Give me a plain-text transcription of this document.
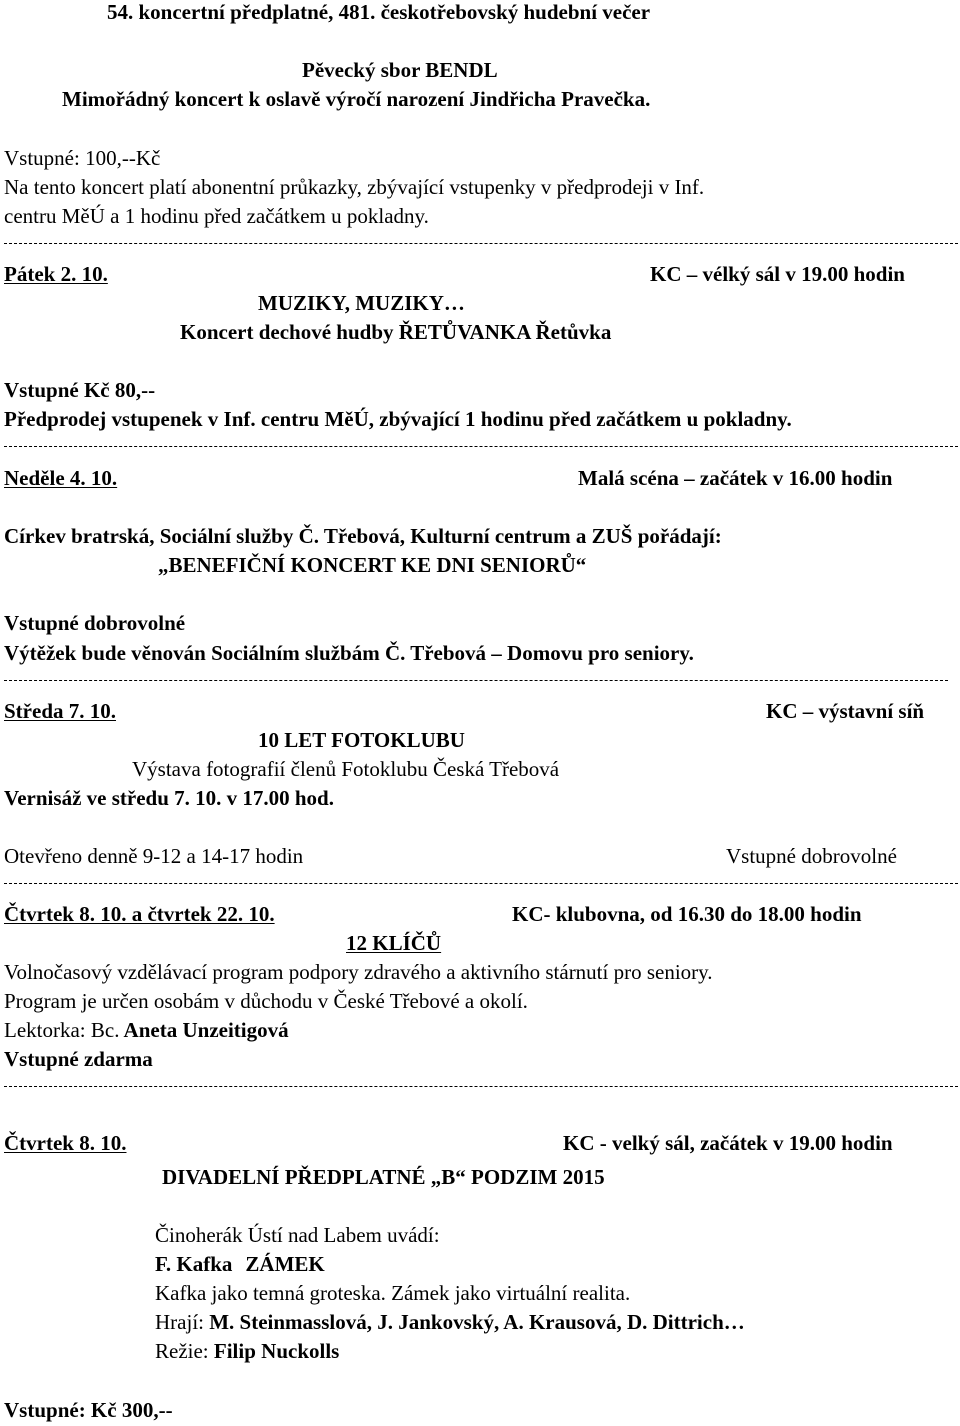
54. koncertní předplatné, 481. českotřebovský hudební večer
Pěvecký sbor BENDL
Mimořádný koncert k oslavě výročí narození Jindřicha Pravečka.
Vstupné: 100,--Kč
Na tento koncert platí abonentní průkazky, zbývající vstupenky v předprodeji v Inf.
centru MěÚ a 1 hodinu před začátkem u pokladny.
Pátek 2. 10.	KC – vélký sál v 19.00 hodin
MUZIKY, MUZIKY…
Koncert dechové hudby ŘETŮVANKA Řetůvka
Vstupné Kč 80,--
Předprodej vstupenek v Inf. centru MěÚ, zbývající 1 hodinu před začátkem u pokladny.
Neděle 4. 10.	Malá scéna – začátek v 16.00 hodin
Církev bratrská, Sociální služby Č. Třebová, Kulturní centrum a ZUŠ pořádají:
„BENEFIČNÍ KONCERT KE DNI SENIORŮ“
Vstupné dobrovolné
Výtěžek bude věnován Sociálním službám Č. Třebová – Domovu pro seniory.
Středa 7. 10.	KC – výstavní síň
10 LET FOTOKLUBU
Výstava fotografií členů Fotoklubu Česká Třebová
Vernisáž ve středu 7. 10. v 17.00 hod.
Otevřeno denně 9-12 a 14-17 hodin	Vstupné dobrovolné
Čtvrtek 8. 10. a čtvrtek 22. 10.	KC- klubovna, od 16.30 do 18.00 hodin
12 KLÍČŮ
Volnočasový vzdělávací program podpory zdravého a aktivního stárnutí pro seniory.
Program je určen osobám v důchodu v České Třebové a okolí.
Lektorka: Bc. Aneta Unzeitigová
Vstupné zdarma
Čtvrtek 8. 10.	KC - velký sál, začátek v 19.00 hodin
DIVADELNÍ PŘEDPLATNÉ „B“ PODZIM 2015
Činoherák Ústí nad Labem uvádí:
F. Kafka ZÁMEK
Kafka jako temná groteska. Zámek jako virtuální realita.
Hrají: M. Steinmasslová, J. Jankovský, A. Krausová, D. Dittrich…
Režie: Filip Nuckolls
Vstupné: Kč 300,--
